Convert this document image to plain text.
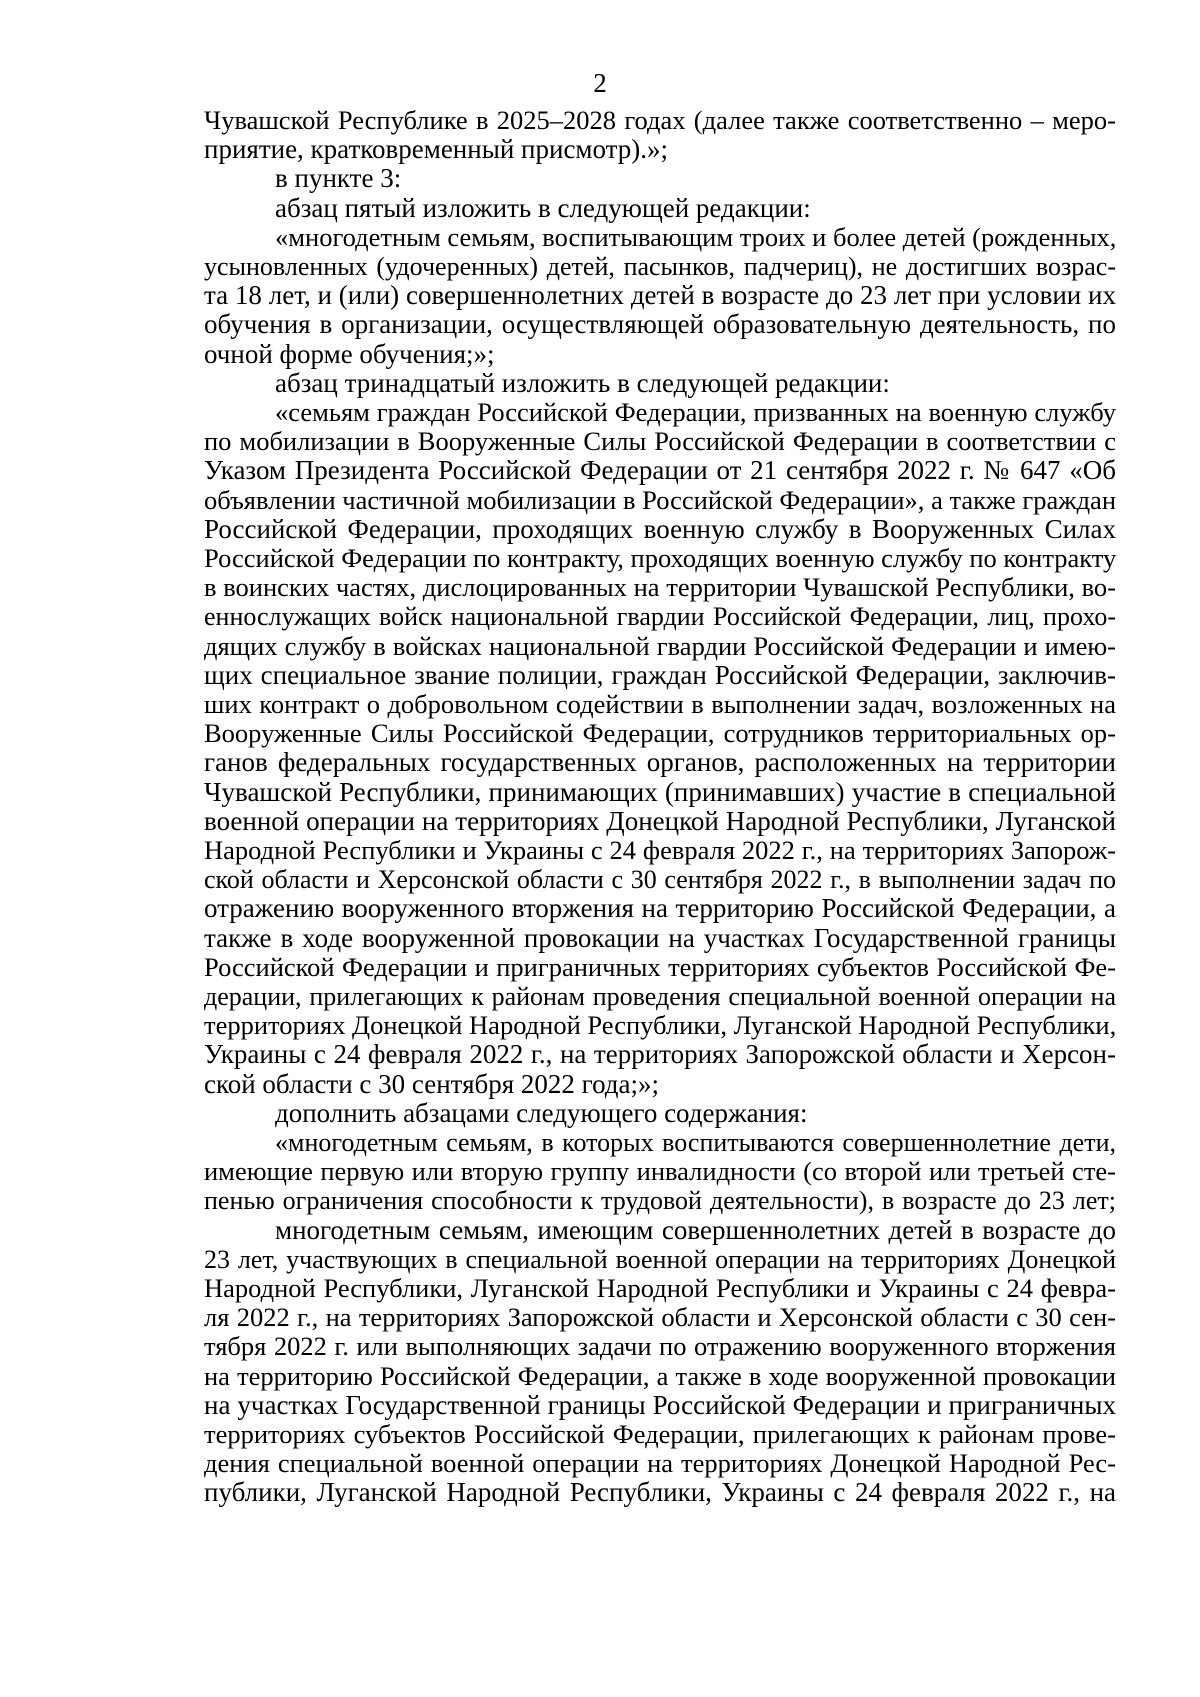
2
Чувашской Республике в 2025–2028 годах (далее также соответственно – меро-
приятие, кратковременный присмотр).»;
в пункте 3:
абзац пятый изложить в следующей редакции:
«многодетным семьям, воспитывающим троих и более детей (рожденных,
усыновленных (удочеренных) детей, пасынков, падчериц), не достигших возрас-
та 18 лет, и (или) совершеннолетних детей в возрасте до 23 лет при условии их
обучения в организации, осуществляющей образовательную деятельность, по
очной форме обучения;»;
абзац тринадцатый изложить в следующей редакции:
«семьям граждан Российской Федерации, призванных на военную службу
по мобилизации в Вооруженные Силы Российской Федерации в соответствии с
Указом Президента Российской Федерации от 21 сентября 2022 г. № 647 «Об
объявлении частичной мобилизации в Российской Федерации», а также граждан
Российской Федерации, проходящих военную службу в Вооруженных Силах
Российской Федерации по контракту, проходящих военную службу по контракту
в воинских частях, дислоцированных на территории Чувашской Республики, во-
еннослужащих войск национальной гвардии Российской Федерации, лиц, прохо-
дящих службу в войсках национальной гвардии Российской Федерации и имею-
щих специальное звание полиции, граждан Российской Федерации, заключив-
ших контракт о добровольном содействии в выполнении задач, возложенных на
Вооруженные Силы Российской Федерации, сотрудников территориальных ор-
ганов федеральных государственных органов, расположенных на территории
Чувашской Республики, принимающих (принимавших) участие в специальной
военной операции на территориях Донецкой Народной Республики, Луганской
Народной Республики и Украины с 24 февраля 2022 г., на территориях Запорож-
ской области и Херсонской области с 30 сентября 2022 г., в выполнении задач по
отражению вооруженного вторжения на территорию Российской Федерации, а
также в ходе вооруженной провокации на участках Государственной границы
Российской Федерации и приграничных территориях субъектов Российской Фе-
дерации, прилегающих к районам проведения специальной военной операции на
территориях Донецкой Народной Республики, Луганской Народной Республики,
Украины с 24 февраля 2022 г., на территориях Запорожской области и Херсон-
ской области с 30 сентября 2022 года;»;
дополнить абзацами следующего содержания:
«многодетным семьям, в которых воспитываются совершеннолетние дети,
имеющие первую или вторую группу инвалидности (со второй или третьей сте-
пенью ограничения способности к трудовой деятельности), в возрасте до 23 лет;
многодетным семьям, имеющим совершеннолетних детей в возрасте до
23 лет, участвующих в специальной военной операции на территориях Донецкой
Народной Республики, Луганской Народной Республики и Украины с 24 февра-
ля 2022 г., на территориях Запорожской области и Херсонской области с 30 сен-
тября 2022 г. или выполняющих задачи по отражению вооруженного вторжения
на территорию Российской Федерации, а также в ходе вооруженной провокации
на участках Государственной границы Российской Федерации и приграничных
территориях субъектов Российской Федерации, прилегающих к районам прове-
дения специальной военной операции на территориях Донецкой Народной Рес-
публики, Луганской Народной Республики, Украины с 24 февраля 2022 г., на
